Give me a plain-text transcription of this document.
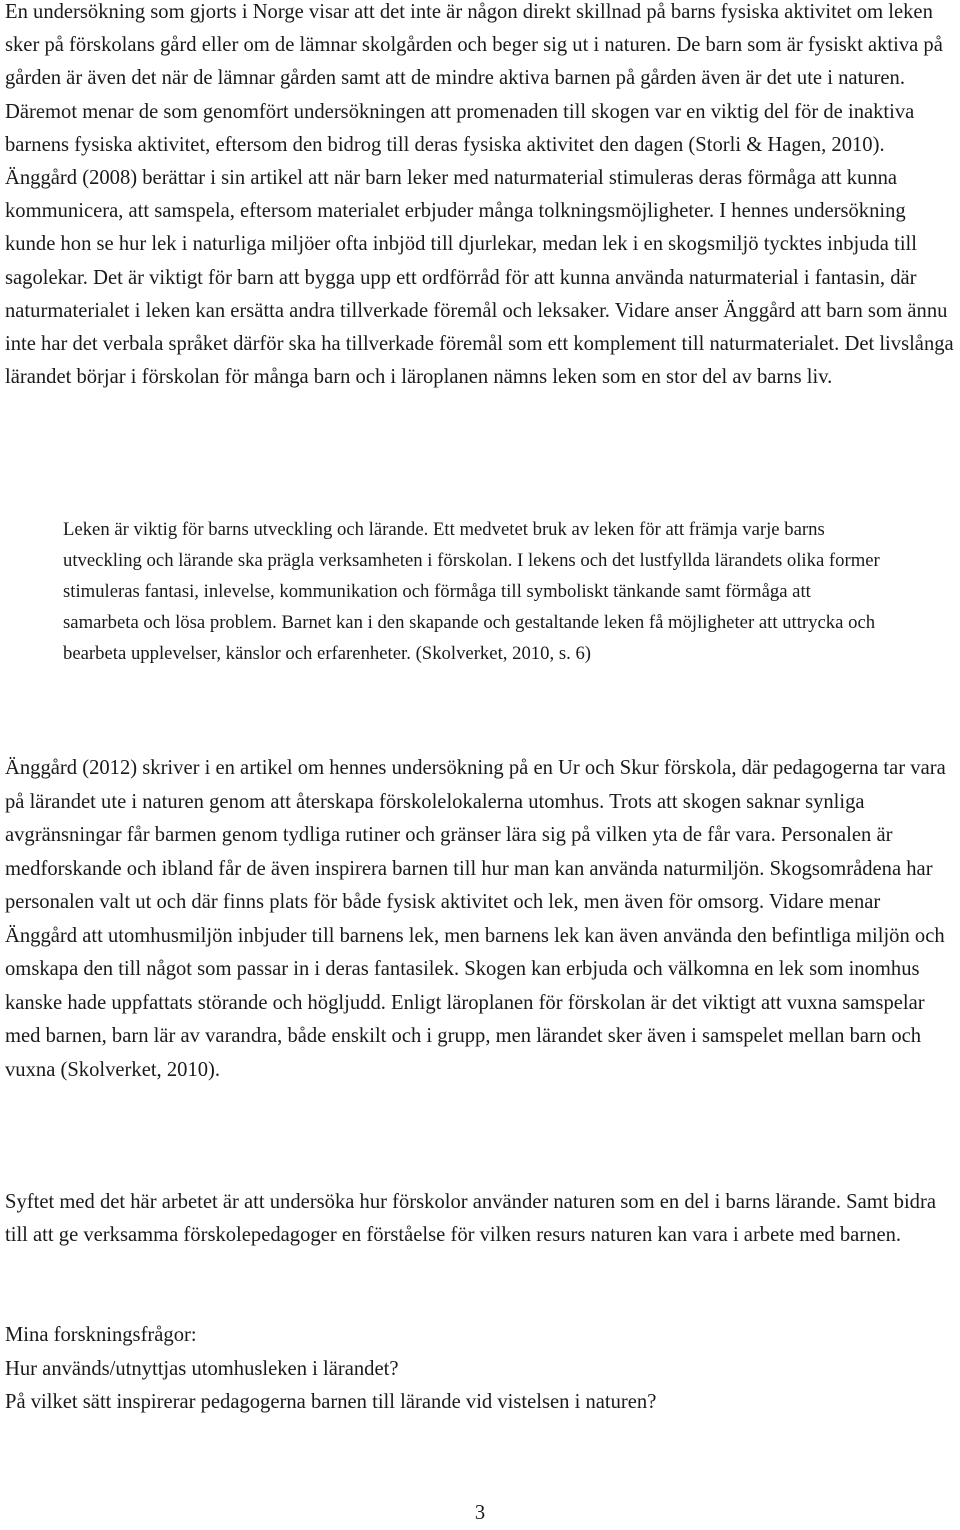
En undersökning som gjorts i Norge visar att det inte är någon direkt skillnad på barns fysiska aktivitet om leken sker på förskolans gård eller om de lämnar skolgården och beger sig ut i naturen. De barn som är fysiskt aktiva på gården är även det när de lämnar gården samt att de mindre aktiva barnen på gården även är det ute i naturen. Däremot menar de som genomfört undersökningen att promenaden till skogen var en viktig del för de inaktiva barnens fysiska aktivitet, eftersom den bidrog till deras fysiska aktivitet den dagen (Storli & Hagen, 2010). Änggård (2008) berättar i sin artikel att när barn leker med naturmaterial stimuleras deras förmåga att kunna kommunicera, att samspela, eftersom materialet erbjuder många tolkningsmöjligheter. I hennes undersökning kunde hon se hur lek i naturliga miljöer ofta inbjöd till djurlekar, medan lek i en skogsmiljö tycktes inbjuda till sagolekar. Det är viktigt för barn att bygga upp ett ordförråd för att kunna använda naturmaterial i fantasin, där naturmaterialet i leken kan ersätta andra tillverkade föremål och leksaker. Vidare anser Änggård att barn som ännu inte har det verbala språket därför ska ha tillverkade föremål som ett komplement till naturmaterialet. Det livslånga lärandet börjar i förskolan för många barn och i läroplanen nämns leken som en stor del av barns liv.

Leken är viktig för barns utveckling och lärande. Ett medvetet bruk av leken för att främja varje barns utveckling och lärande ska prägla verksamheten i förskolan. I lekens och det lustfyllda lärandets olika former stimuleras fantasi, inlevelse, kommunikation och förmåga till symboliskt tänkande samt förmåga att samarbeta och lösa problem. Barnet kan i den skapande och gestaltande leken få möjligheter att uttrycka och bearbeta upplevelser, känslor och erfarenheter. (Skolverket, 2010, s. 6)

Änggård (2012) skriver i en artikel om hennes undersökning på en Ur och Skur förskola, där pedagogerna tar vara på lärandet ute i naturen genom att återskapa förskolelokalerna utomhus. Trots att skogen saknar synliga avgränsningar får barmen genom tydliga rutiner och gränser lära sig på vilken yta de får vara. Personalen är medforskande och ibland får de även inspirera barnen till hur man kan använda naturmiljön. Skogsområdena har personalen valt ut och där finns plats för både fysisk aktivitet och lek, men även för omsorg. Vidare menar Änggård att utomhusmiljön inbjuder till barnens lek, men barnens lek kan även använda den befintliga miljön och omskapa den till något som passar in i deras fantasilek. Skogen kan erbjuda och välkomna en lek som inomhus kanske hade uppfattats störande och högljudd. Enligt läroplanen för förskolan är det viktigt att vuxna samspelar med barnen, barn lär av varandra, både enskilt och i grupp, men lärandet sker även i samspelet mellan barn och vuxna (Skolverket, 2010).

Syftet med det här arbetet är att undersöka hur förskolor använder naturen som en del i barns lärande. Samt bidra till att ge verksamma förskolepedagoger en förståelse för vilken resurs naturen kan vara i arbete med barnen.

Mina forskningsfrågor:

Hur används/utnyttjas utomhusleken i lärandet?

På vilket sätt inspirerar pedagogerna barnen till lärande vid vistelsen i naturen?

3
